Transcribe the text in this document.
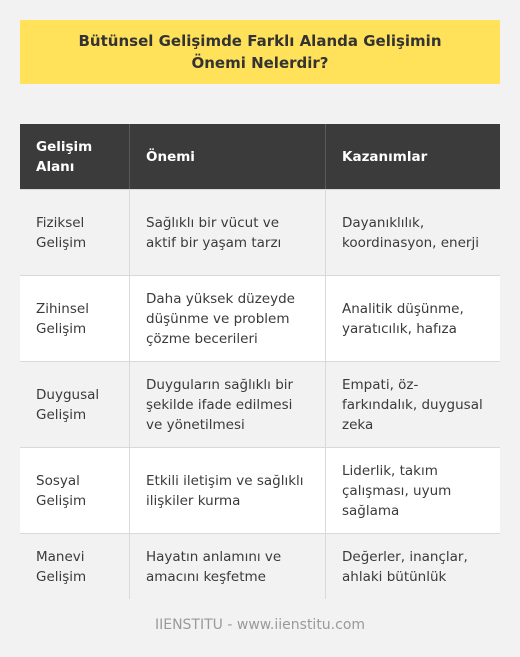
Bütünsel Gelişimde Farklı Alanda Gelişimin Önemi Nelerdir?
Gelişim Alanı
Önemi	Kazanımlar
Fiziksel Gelişim
Sağlıklı bir vücut ve aktif bir yaşam tarzı
Dayanıklılık, koordinasyon, enerji
Zihinsel Gelişim
Daha yüksek düzeyde düşünme ve problem çözme becerileri
Analitik düşünme, yaratıcılık, hafıza
Duygusal Gelişim
Duyguların sağlıklı bir şekilde ifade edilmesi ve yönetilmesi
Empati, öz-farkındalık, duygusal zeka
Sosyal Gelişim
Etkili iletişim ve sağlıklı ilişkiler kurma
Liderlik, takım çalışması, uyum sağlama
Manevi Gelişim
Hayatın anlamını ve amacını keşfetme
Değerler, inançlar, ahlaki bütünlük
IIENSTITU - www.iienstitu.com
